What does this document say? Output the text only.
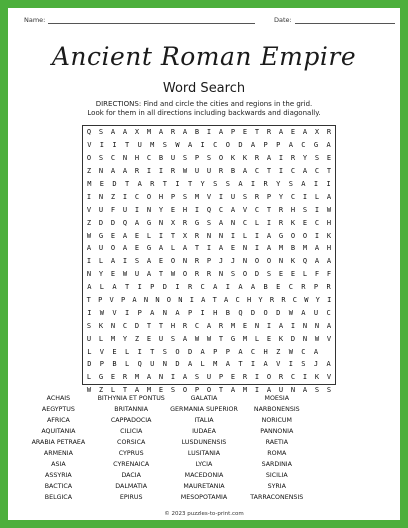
Name:	Date:
Ancient Roman Empire
Word Search
DIRECTIONS: Find and circle the cities and regions in the grid.
Look for them in all directions including backwards and diagonally.
Q	S	A	A	X	M	A	R	A	B	I	A	P	E	T	R	A	E	A	X	R
V	I	I	T	U	M	S	W	A	I	C	O	D	A	P	P	A	C	G	A
O	S	C	N	H	C	B	U	S	P	S	O	K	K	R	A	I	R	Y	S	E
Z	N	A	A	R	I	I	R	W	U	U	R	B	A	C	T	I	C	A	C	T
M	E	D	T	A	R	T	I	T	Y	S	S	A	I	R	Y	S	A	I	I
I	N	Z	I	C	O	H	P	S	M	V	I	U	S	R	P	Y	C	I	L	A
V	U	F	U	I	N	Y	E	H	I	Q	C	A	V	C	T	R	H	S	I	W
Z	D	D	Q	A	G	N	X	R	G	S	A	N	C	L	I	R	K	E	C	H
W	G	E	A	E	L	I	T	X	R	N	N	I	L	I	A	G	O	O	I	K
A	U	O	A	E	G	A	L	A	T	I	A	E	N	I	A	M	B	M	A	H
I	L	A	I	S	A	E	O	N	R	P	J	J	N	O	O	N	K	Q	A	A
N	Y	E	W	U	A	T	W	O	R	R	N	S	O	D	S	E	E	L	F	F
A	L	A	T	I	P	D	I	R	C	A	I	A	A	B	E	C	R	P	R
T	P	V	P	A	N	N	O	N	I	A	T	A	C	H	Y	R	R	C	W	Y	I
I	W	V	I	P	A	N	A	P	I	H	B	Q	D	O	D	W	A	U	C
S	K	N	C	D	T	T	H	R	C	A	R	M	E	N	I	A	I	N	N	A
U	L	M	Y	Z	E	U	S	A	W	W	T	G	M	L	E	K	D	N	W	V
L	V	E	L	I	T	S	O	D	A	P	P	A	C	H	Z	W	C	A
D	P	B	L	Q	U	N	D	A	L	M	A	T	I	A	V	I	S	J	A
L	G	E	R	M	A	N	I	A	S	U	P	E	R	I	O	R	C	I	K	V
W	Z	L	T	A	M	E	S	O	P	O	T	A	M	I	A	U	N	A	S	S
ACHAIS
AEGYPTUS
AFRICA
AQUITANIA
ARABIA PETRAEA
ARMENIA
ASIA
ASSYRIA
BACTICA
BELGICA
BITHYNIA ET PONTUS
BRITANNIA
CAPPADOCIA
CILICIA
CORSICA
CYPRUS
CYRENAICA
DACIA
DALMATIA
EPIRUS
GALATIA
GERMANIA SUPERIOR
ITALIA
IUDAEA
LUSDUNENSIS
LUSITANIA
LYCIA
MACEDONIA
MAURETANIA
MESOPOTAMIA
MOESIA
NARBONENSIS
NORICUM
PANNONIA
RAETIA
ROMA
SARDINIA
SICILIA
SYRIA
TARRACONENSIS
© 2023 puzzles-to-print.com
